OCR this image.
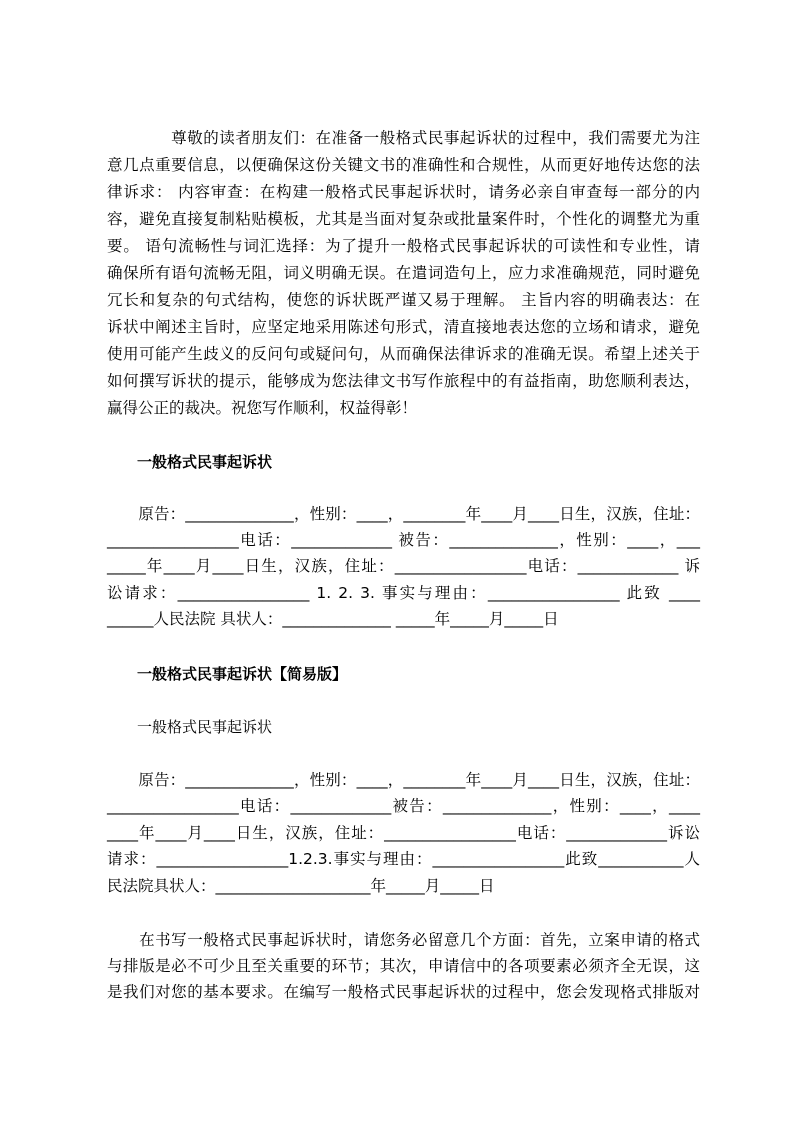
　　　　尊敬的读者朋友们：在准备一般格式民事起诉状的过程中，我们需要尤为注
意几点重要信息，以便确保这份关键文书的准确性和合规性，从而更好地传达您的法
律诉求： 内容审查：在构建一般格式民事起诉状时，请务必亲自审查每一部分的内
容，避免直接复制粘贴模板，尤其是当面对复杂或批量案件时，个性化的调整尤为重
要。 语句流畅性与词汇选择：为了提升一般格式民事起诉状的可读性和专业性，请
确保所有语句流畅无阻，词义明确无误。在遣词造句上，应力求准确规范，同时避免
冗长和复杂的句式结构，使您的诉状既严谨又易于理解。 主旨内容的明确表达：在
诉状中阐述主旨时，应坚定地采用陈述句形式，清直接地表达您的立场和请求，避免
使用可能产生歧义的反问句或疑问句，从而确保法律诉求的准确无误。希望上述关于
如何撰写诉状的提示，能够成为您法律文书写作旅程中的有益指南，助您顺利表达，
赢得公正的裁决。祝您写作顺利，权益得彰！
一般格式民事起诉状
　　原告：______________，性别：____，________年____月____日生，汉族，住址：
_________________电话：_____________ 被告：______________，性别：____，___
_____年____月____日生，汉族，住址：_________________电话：_____________ 诉
讼请求：_________________ 1. 2. 3. 事实与理由：_________________ 此致 ____
______人民法院 具状人：______________ _____年_____月_____日
一般格式民事起诉状【简易版】
一般格式民事起诉状
　　原告：______________，性别：____，________年____月____日生，汉族，住址：
_________________电话：_____________被告：______________，性别：____，____
____年____月____日生，汉族，住址：_________________电话：_____________诉讼
请求：_________________1.2.3.事实与理由：_________________此致___________人
民法院具状人：____________________年_____月_____日
　　在书写一般格式民事起诉状时，请您务必留意几个方面：首先，立案申请的格式
与排版是必不可少且至关重要的环节；其次，申请信中的各项要素必须齐全无误，这
是我们对您的基本要求。在编写一般格式民事起诉状的过程中，您会发现格式排版对
